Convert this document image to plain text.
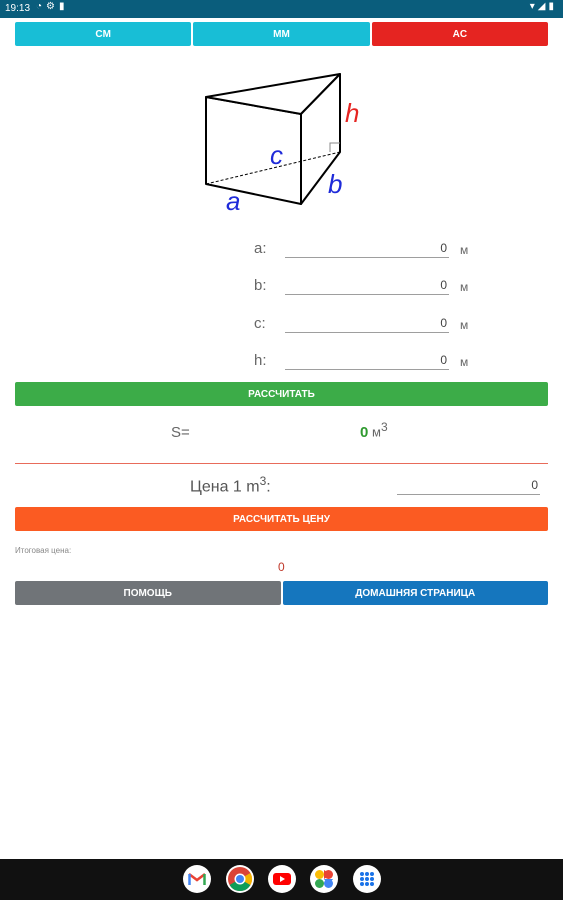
19:13 ◔⚙▮	▾◢▮
CM	MM	AC
h
c
b
a
a:	0 м
b:	0 м
c:	0 м
h:	0 м
РАССЧИТАТЬ
S=	0 $м^3$
Цена 1 $m^3$:	0
РАССЧИТАТЬ ЦЕНУ
Итоговая цена:
0
ПОМОЩЬ	ДОМАШНЯЯ СТРАНИЦА
